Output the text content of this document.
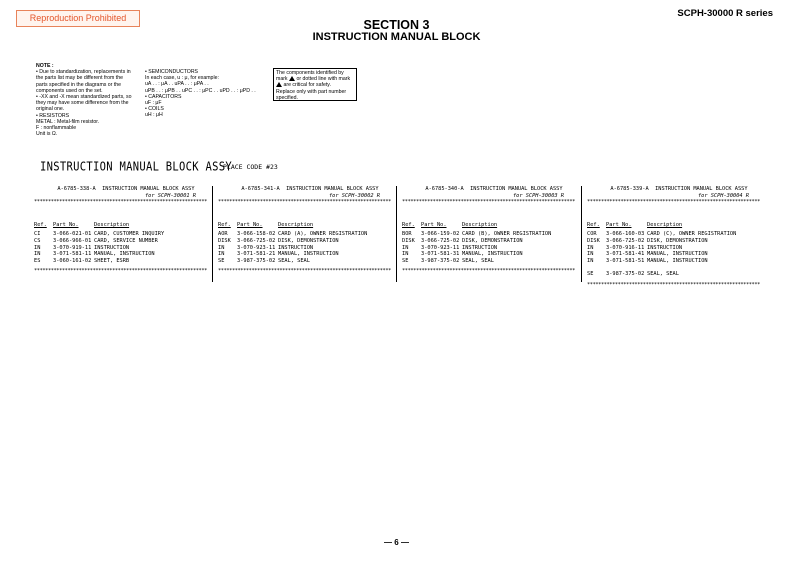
Reproduction Prohibited	SCPH-30000 R series
SECTION 3
INSTRUCTION MANUAL BLOCK
NOTE :
• Due to standardization, replacements in
the parts list may be different from the
parts specified in the diagrams or the
components used on the set.
• -XX and -X mean standardized parts, so
they may have some difference from the
original one.
• RESISTORS
METAL : Metal-film resistor.
F : nonflammable
Unit is Ω.
• SEMICONDUCTORS
In each case, u : μ, for example:
uA . . : μA . . uPA . . : μPA . .
uPB . . : μPB . . uPC . . : μPC . . uPD . . : μPD . .
• CAPACITORS
uF : μF
• COILS
uH : μH
The components identified by
mark or dotted line with mark
are critical for safety.
Replace only with part number
specified.
INSTRUCTION MANUAL BLOCK ASSY
PLACE CODE #23
A-6785-338-A  INSTRUCTION MANUAL BLOCK ASSY
for SCPH-30001 R
**************************************************************
Ref.	Part No.	Description
CI	3-066-021-01 CARD, CUSTOMER INQUIRY
CS	3-066-966-01 CARD, SERVICE NUMBER
IN	3-070-919-11 INSTRUCTION
IN	3-071-581-11 MANUAL, INSTRUCTION
ES	3-060-161-02 SHEET, ESRB
**************************************************************
A-6785-341-A  INSTRUCTION MANUAL BLOCK ASSY
for SCPH-30002 R
**************************************************************
Ref.	Part No.	Description
AOR	3-066-158-02 CARD (A), OWNER REGISTRATION
DISK	3-066-725-02 DISK, DEMONSTRATION
IN	3-070-923-11 INSTRUCTION
IN	3-071-581-21 MANUAL, INSTRUCTION
SE	3-987-375-02 SEAL, SEAL
**************************************************************
A-6785-340-A  INSTRUCTION MANUAL BLOCK ASSY
for SCPH-30003 R
**************************************************************
Ref.	Part No.	Description
BOR	3-066-159-02 CARD (B), OWNER REGISTRATION
DISK	3-066-725-02 DISK, DEMONSTRATION
IN	3-070-923-11 INSTRUCTION
IN	3-071-581-31 MANUAL, INSTRUCTION
SE	3-987-375-02 SEAL, SEAL
**************************************************************
A-6785-339-A  INSTRUCTION MANUAL BLOCK ASSY
for SCPH-30004 R
**************************************************************
Ref.	Part No.	Description
COR	3-066-160-03 CARD (C), OWNER REGISTRATION
DISK	3-066-725-02 DISK, DEMONSTRATION
IN	3-070-916-11 INSTRUCTION
IN	3-071-581-41 MANUAL, INSTRUCTION
IN	3-071-581-51 MANUAL, INSTRUCTION
SE	3-987-375-02 SEAL, SEAL
**************************************************************
— 6 —
